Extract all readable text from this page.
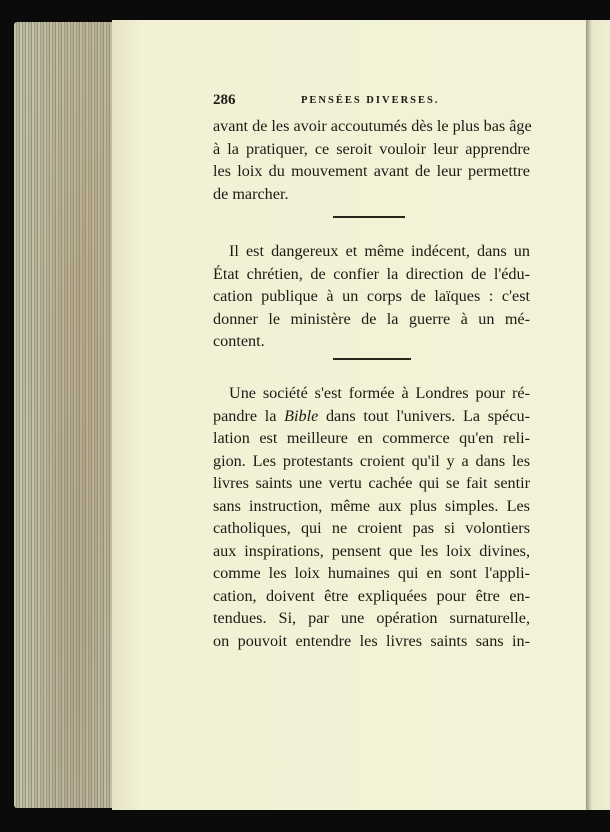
286	PENSÉES DIVERSES.
avant de les avoir accoutumés dès le plus bas âge
à la pratiquer, ce seroit vouloir leur apprendre
les loix du mouvement avant de leur permettre
de marcher.
Il est dangereux et même indécent, dans un
État chrétien, de confier la direction de l'édu-
cation publique à un corps de laïques : c'est
donner le ministère de la guerre à un mé-
content.
Une société s'est formée à Londres pour ré-
pandre la Bible dans tout l'univers. La spécu-
lation est meilleure en commerce qu'en reli-
gion. Les protestants croient qu'il y a dans les
livres saints une vertu cachée qui se fait sentir
sans instruction, même aux plus simples. Les
catholiques, qui ne croient pas si volontiers
aux inspirations, pensent que les loix divines,
comme les loix humaines qui en sont l'appli-
cation, doivent être expliquées pour être en-
tendues. Si, par une opération surnaturelle,
on pouvoit entendre les livres saints sans in-
